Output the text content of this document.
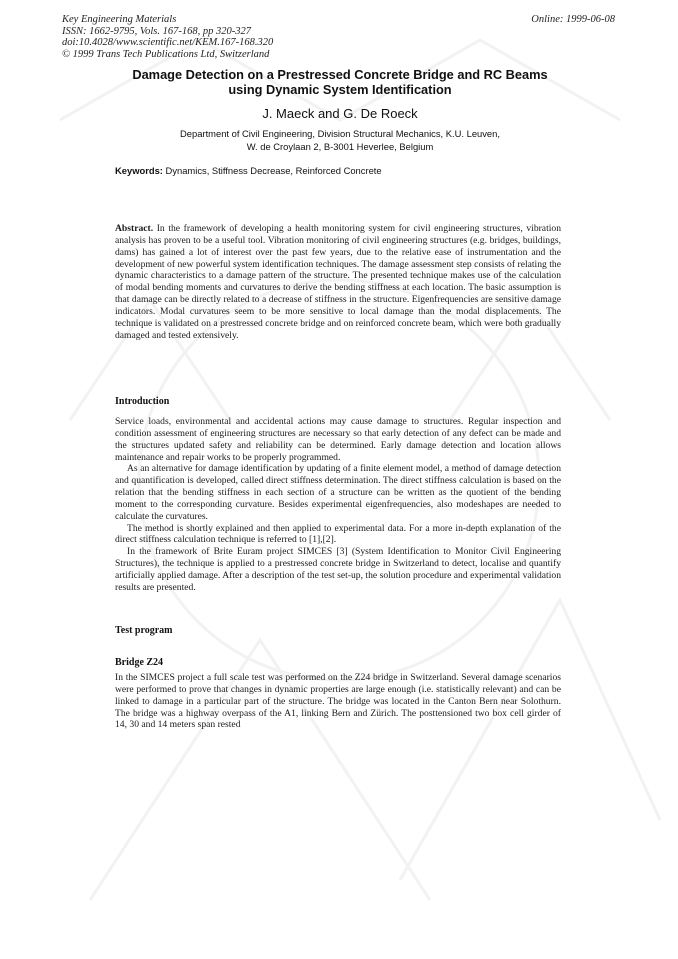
Key Engineering Materials
ISSN: 1662-9795, Vols. 167-168, pp 320-327
doi:10.4028/www.scientific.net/KEM.167-168.320
© 1999 Trans Tech Publications Ltd, Switzerland
Online: 1999-06-08
Damage Detection on a Prestressed Concrete Bridge and RC Beams
using Dynamic System Identification
J. Maeck and G. De Roeck
Department of Civil Engineering, Division Structural Mechanics, K.U. Leuven,
W. de Croylaan 2, B-3001 Heverlee, Belgium
Keywords: Dynamics, Stiffness Decrease, Reinforced Concrete

Abstract. In the framework of developing a health monitoring system for civil engineering structures, vibration analysis has proven to be a useful tool. Vibration monitoring of civil engineering structures (e.g. bridges, buildings, dams) has gained a lot of interest over the past few years, due to the relative ease of instrumentation and the development of new powerful system identification techniques. The damage assessment step consists of relating the dynamic characteristics to a damage pattern of the structure. The presented technique makes use of the calculation of modal bending moments and curvatures to derive the bending stiffness at each location. The basic assumption is that damage can be directly related to a decrease of stiffness in the structure. Eigenfrequencies are sensitive damage indicators. Modal curvatures seem to be more sensitive to local damage than the modal displacements. The technique is validated on a prestressed concrete bridge and on reinforced concrete beam, which were both gradually damaged and tested extensively.

Introduction

Service loads, environmental and accidental actions may cause damage to structures. Regular inspection and condition assessment of engineering structures are necessary so that early detection of any defect can be made and the structures updated safety and reliability can be determined. Early damage detection and location allows maintenance and repair works to be properly programmed.

As an alternative for damage identification by updating of a finite element model, a method of damage detection and quantification is developed, called direct stiffness determination. The direct stiffness calculation is based on the relation that the bending stiffness in each section of a structure can be written as the quotient of the bending moment to the corresponding curvature. Besides experimental eigenfrequencies, also modeshapes are needed to calculate the curvatures.

The method is shortly explained and then applied to experimental data. For a more in-depth explanation of the direct stiffness calculation technique is referred to [1],[2].

In the framework of Brite Euram project SIMCES [3] (System Identification to Monitor Civil Engineering Structures), the technique is applied to a prestressed concrete bridge in Switzerland to detect, localise and quantify artificially applied damage. After a description of the test set-up, the solution procedure and experimental validation results are presented.

Test program
Bridge Z24

In the SIMCES project a full scale test was performed on the Z24 bridge in Switzerland. Several damage scenarios were performed to prove that changes in dynamic properties are large enough (i.e. statistically relevant) and can be linked to damage in a particular part of the structure. The bridge was located in the Canton Bern near Solothurn. The bridge was a highway overpass of the A1, linking Bern and Zürich. The posttensioned two box cell girder of 14, 30 and 14 meters span rested
